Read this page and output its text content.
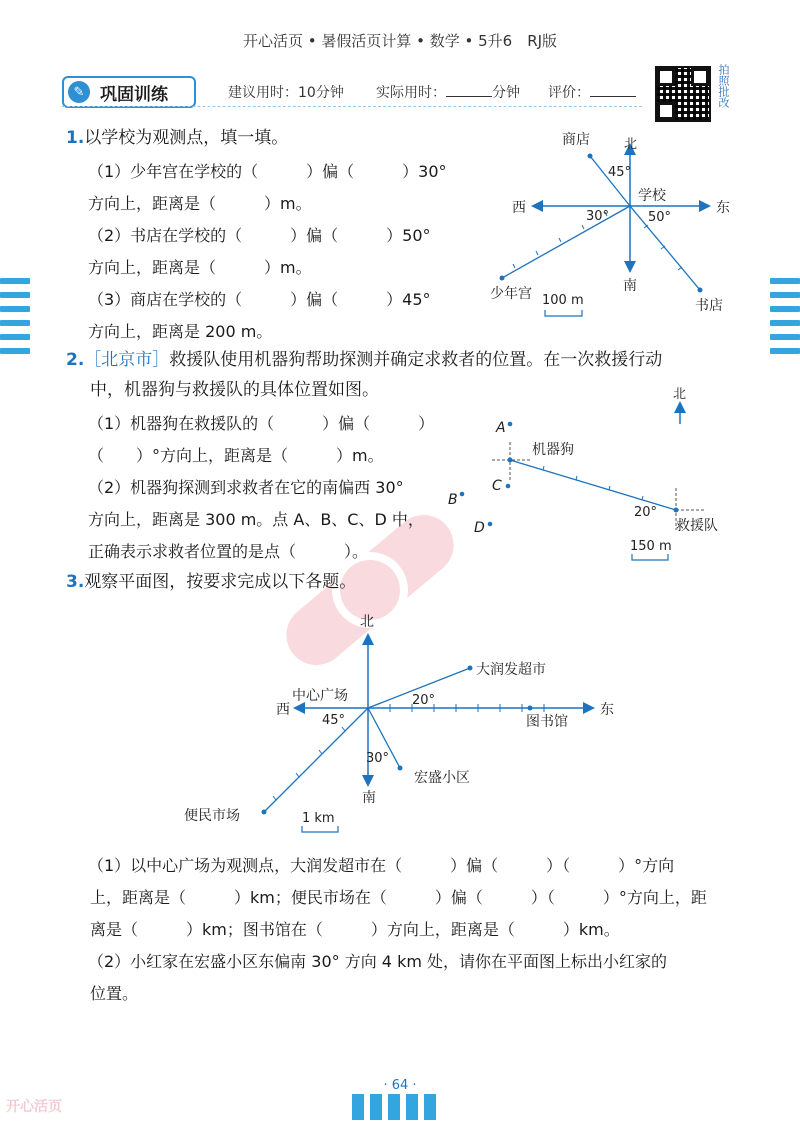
开心活页 • 暑假活页计算 • 数学 • 5升6　RJ版
✎ 巩固训练	建议用时：10分钟 实际用时：	分钟 评价：	拍照批改
1.以学校为观测点，填一填。
（1）少年宫在学校的（　　　）偏（　　　）30°
方向上，距离是（　　　）m。
（2）书店在学校的（　　　）偏（　　　）50°
方向上，距离是（　　　）m。
（3）商店在学校的（　　　）偏（　　　）45°
方向上，距离是 200 m。
商店	北
45°
学校
西
30°	50°
东
南
少年宫
书店
100 m
2.［北京市］救援队使用机器狗帮助探测并确定求救者的位置。在一次救援行动
中，机器狗与救援队的具体位置如图。
（1）机器狗在救援队的（　　　）偏（　　　）
（　　）°方向上，距离是（　　　）m。
（2）机器狗探测到求救者在它的南偏西 30°
方向上，距离是 300 m。点 A、B、C、D 中，
正确表示求救者位置的是点（　　　）。
北
机器狗
20°
救援队
150 m
A
C
B
D
3.观察平面图，按要求完成以下各题。
北
中心广场
西
45°
20°
大润发超市
图书馆
东
30°
宏盛小区
南
便民市场	1 km
（1）以中心广场为观测点，大润发超市在（　　　）偏（　　　）（　　　）°方向
上，距离是（　　　）km；便民市场在（　　　）偏（　　　）（　　　）°方向上，距
离是（　　　）km；图书馆在（　　　）方向上，距离是（　　　）km。
（2）小红家在宏盛小区东偏南 30° 方向 4 km 处，请你在平面图上标出小红家的
位置。
· 64 ·
开心活页
